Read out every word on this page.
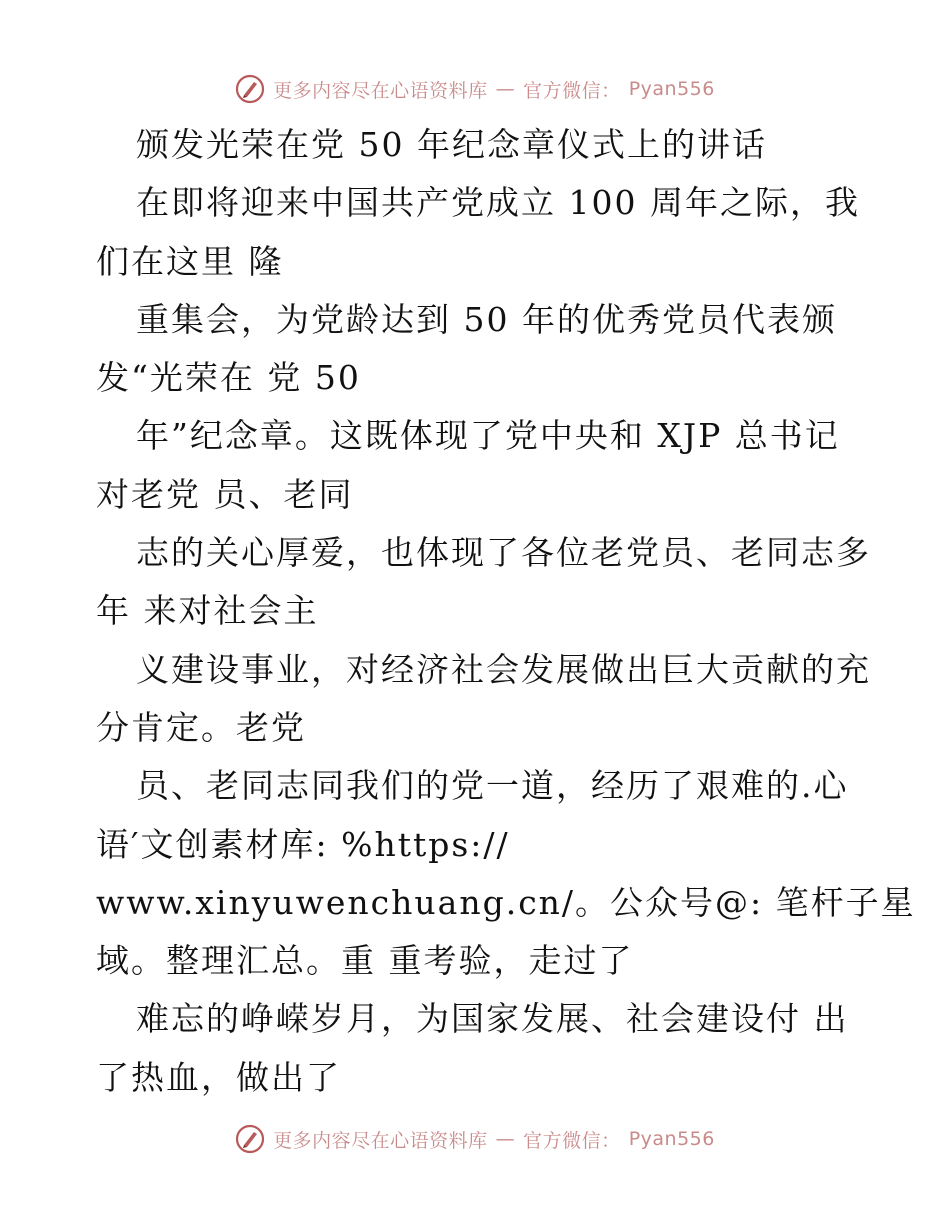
更多内容尽在心语资料库 — 官方微信： Pyan556
颁发光荣在党 50 年纪念章仪式上的讲话
在即将迎来中国共产党成立 100 周年之际，我
们在这里 隆
重集会，为党龄达到 50 年的优秀党员代表颁
发“光荣在 党 50
年”纪念章。这既体现了党中央和 XJP 总书记
对老党 员、老同
志的关心厚爱，也体现了各位老党员、老同志多
年 来对社会主
义建设事业，对经济社会发展做出巨大贡献的充
分肯定。老党
员、老同志同我们的党一道，经历了艰难的.心
语′文创素材库: %https://
www.xinyuwenchuang.cn/。公众号@: 笔杆子星
域。整理汇总。重 重考验，走过了
难忘的峥嵘岁月，为国家发展、社会建设付 出
了热血，做出了
更多内容尽在心语资料库 — 官方微信： Pyan556
